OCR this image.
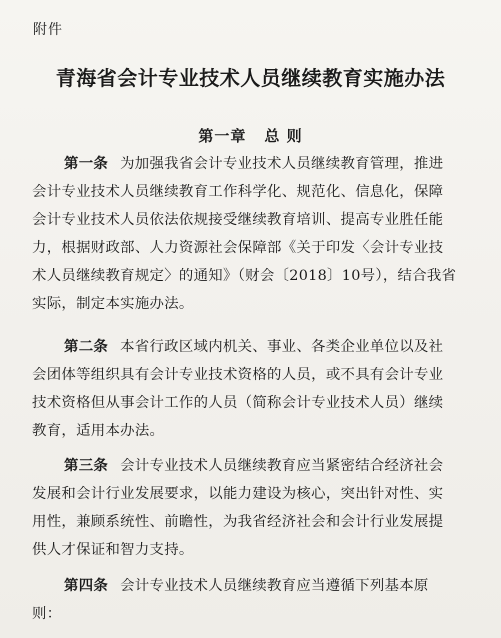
附件
青海省会计专业技术人员继续教育实施办法
第一章 总 则
第一条 为加强我省会计专业技术人员继续教育管理，推进
会计专业技术人员继续教育工作科学化、规范化、信息化，保障
会计专业技术人员依法依规接受继续教育培训、提高专业胜任能
力，根据财政部、人力资源社会保障部《关于印发〈会计专业技
术人员继续教育规定〉的通知》（财会〔2018〕10号），结合我省
实际，制定本实施办法。
第二条 本省行政区域内机关、事业、各类企业单位以及社
会团体等组织具有会计专业技术资格的人员，或不具有会计专业
技术资格但从事会计工作的人员（简称会计专业技术人员）继续
教育，适用本办法。
第三条 会计专业技术人员继续教育应当紧密结合经济社会
发展和会计行业发展要求，以能力建设为核心，突出针对性、实
用性，兼顾系统性、前瞻性，为我省经济社会和会计行业发展提
供人才保证和智力支持。
第四条 会计专业技术人员继续教育应当遵循下列基本原
则：
